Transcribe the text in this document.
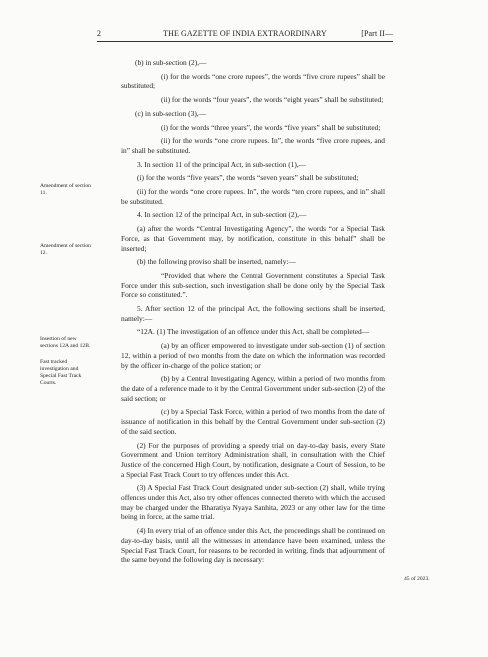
2	THE GAZETTE OF INDIA EXTRAORDINARY	[Part II—
Amendment of section 11.
Amendment of section 12.
Insertion of new sections 12A and 12B.
Fast tracked investigation and Special Fast Track Courts.
45 of 2023.

(b) in sub-section (2),—

(i) for the words “one crore rupees”, the words “five crore rupees” shall be substituted;

(ii) for the words “four years”, the words “eight years” shall be substituted;

(c) in sub-section (3),—

(i) for the words “three years”, the words “five years” shall be substituted;

(ii) for the words “one crore rupees. In”, the words “five crore rupees, and in” shall be substituted.

3. In section 11 of the principal Act, in sub-section (1),—

(i) for the words “five years”, the words “seven years” shall be substituted;

(ii) for the words “one crore rupees. In”, the words “ten crore rupees, and in” shall be substituted.

4. In section 12 of the principal Act, in sub-section (2),—

(a) after the words “Central Investigating Agency”, the words “or a Special Task Force, as that Government may, by notification, constitute in this behalf” shall be inserted;

(b) the following proviso shall be inserted, namely:—

“Provided that where the Central Government constitutes a Special Task Force under this sub-section, such investigation shall be done only by the Special Task Force so constituted.”.

5. After section 12 of the principal Act, the following sections shall be inserted, namely:—

“12A. (1) The investigation of an offence under this Act, shall be completed—

(a) by an officer empowered to investigate under sub-section (1) of section 12, within a period of two months from the date on which the information was recorded by the officer in-charge of the police station; or

(b) by a Central Investigating Agency, within a period of two months from the date of a reference made to it by the Central Government under sub-section (2) of the said section; or

(c) by a Special Task Force, within a period of two months from the date of issuance of notification in this behalf by the Central Government under sub-section (2) of the said section.

(2) For the purposes of providing a speedy trial on day-to-day basis, every State Government and Union territory Administration shall, in consultation with the Chief Justice of the concerned High Court, by notification, designate a Court of Session, to be a Special Fast Track Court to try offences under this Act.

(3) A Special Fast Track Court designated under sub-section (2) shall, while trying offences under this Act, also try other offences connected thereto with which the accused may be charged under the Bharatiya Nyaya Sanhita, 2023 or any other law for the time being in force, at the same trial.

(4) In every trial of an offence under this Act, the proceedings shall be continued on day-to-day basis, until all the witnesses in attendance have been examined, unless the Special Fast Track Court, for reasons to be recorded in writing, finds that adjournment of the same beyond the following day is necessary:
